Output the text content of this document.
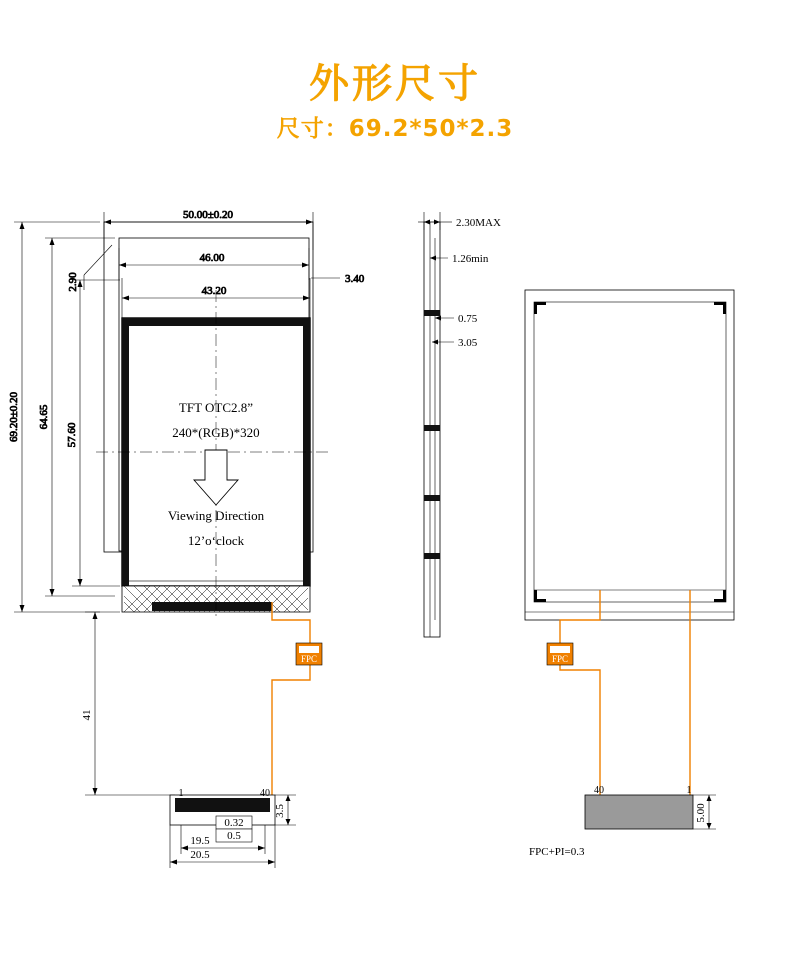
外形尺寸
尺寸：69.2*50*2.3
50.00±0.20
46.00
43.20
2.90	3.40
69.20±0.20 64.65
57.60
TFT OTC2.8”
240*(RGB)*320
Viewing Direction
12’o‘clock
FPC
41
1	40
0.32
0.5
3.5
19.5
20.5
2.30MAX
1.26min
0.75
3.05
FPC
40	1
5.00
FPC+PI=0.3
